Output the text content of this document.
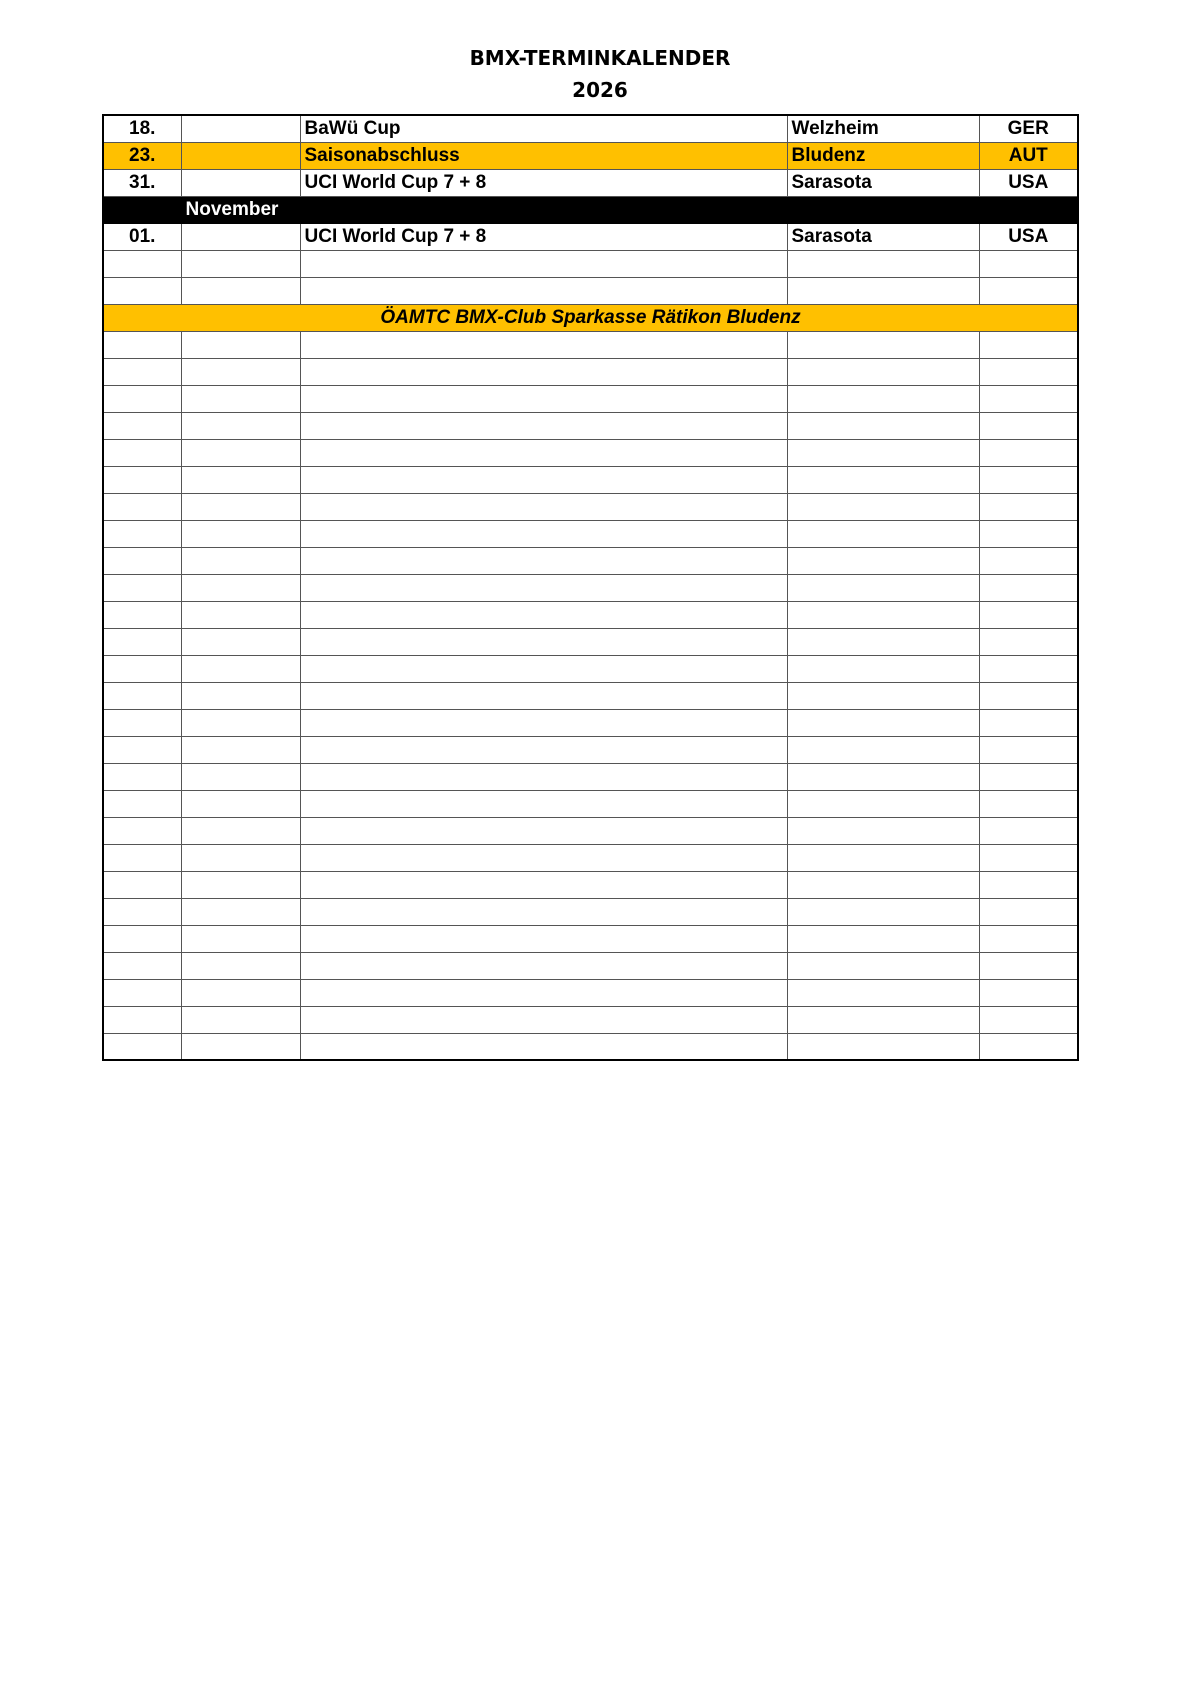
BMX-TERMINKALENDER
2026
18.		BaWü Cup	Welzheim	GER
23.		Saisonabschluss	Bludenz	AUT
31.		UCI World Cup 7 + 8	Sarasota	USA
	November			
01.		UCI World Cup 7 + 8	Sarasota	USA

ÖAMTC BMX-Club Sparkasse Rätikon Bludenz				
